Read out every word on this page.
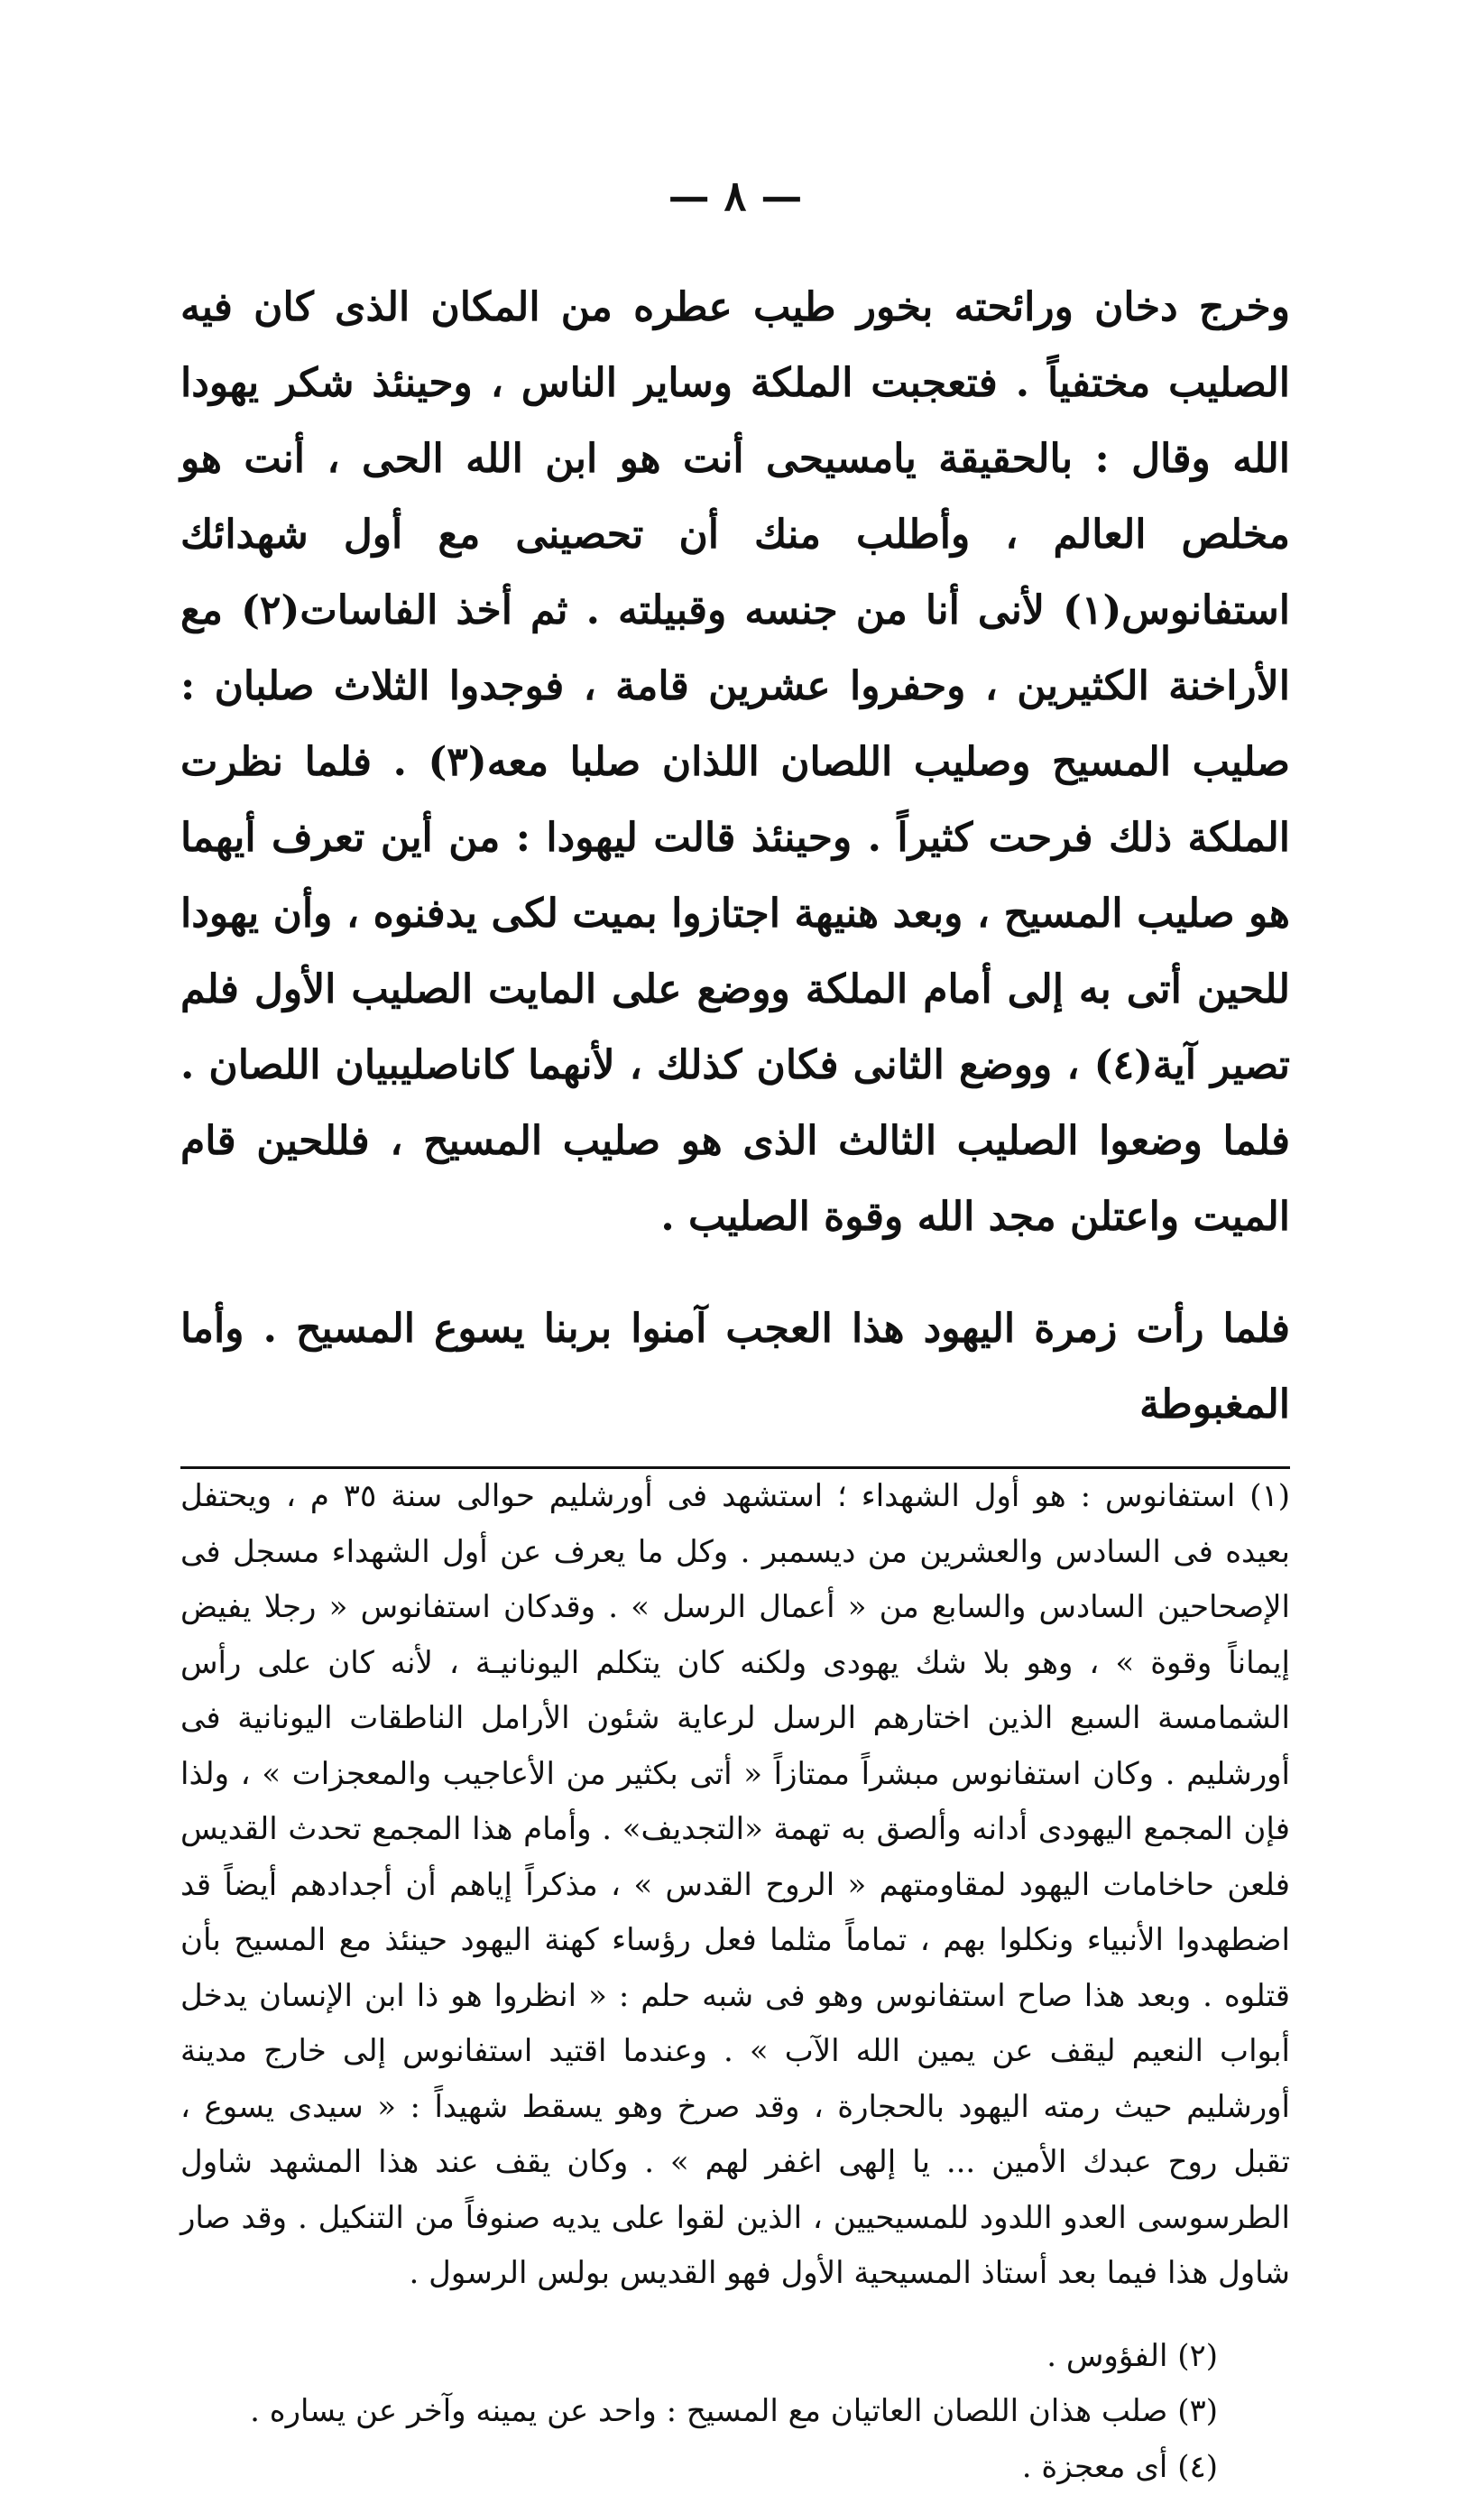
— ٨ —

وخرج دخان ورائحته بخور طيب عطره من المكان الذى كان فيه الصليب مختفياً . فتعجبت الملكة وساير الناس ، وحينئذ شكر يهودا الله وقال : بالحقيقة يامسيحى أنت هو ابن الله الحى ، أنت هو مخلص العالم ، وأطلب منك أن تحصينى مع أول شهدائك استفانوس(١) لأنى أنا من جنسه وقبيلته . ثم أخذ الفاسات(٢) مع الأراخنة الكثيرين ، وحفروا عشرين قامة ، فوجدوا الثلاث صلبان : صليب المسيح وصليب اللصان اللذان صلبا معه(٣) . فلما نظرت الملكة ذلك فرحت كثيراً . وحينئذ قالت ليهودا : من أين تعرف أيهما هو صليب المسيح ، وبعد هنيهة اجتازوا بميت لكى يدفنوه ، وأن يهودا للحين أتى به إلى أمام الملكة ووضع على المايت الصليب الأول فلم تصير آية(٤) ، ووضع الثانى فكان كذلك ، لأنهما كاناصليبيان اللصان . فلما وضعوا الصليب الثالث الذى هو صليب المسيح ، فللحين قام الميت واعتلن مجد الله وقوة الصليب .

فلما رأت زمرة اليهود هذا العجب آمنوا بربنا يسوع المسيح . وأما المغبوطة

(١) استفانوس : هو أول الشهداء ؛ استشهد فى أورشليم حوالى سنة ٣٥ م ، ويحتفل بعيده فى السادس والعشرين من ديسمبر . وكل ما يعرف عن أول الشهداء مسجل فى الإصحاحين السادس والسابع من « أعمال الرسل » . وقدكان استفانوس « رجلا يفيض إيماناً وقوة » ، وهو بلا شك يهودى ولكنه كان يتكلم اليونانيـة ، لأنه كان على رأس الشمامسة السبع الذين اختارهم الرسل لرعاية شئون الأرامل الناطقات اليونانية فى أورشليم . وكان استفانوس مبشراً ممتازاً « أتى بكثير من الأعاجيب والمعجزات » ، ولذا فإن المجمع اليهودى أدانه وألصق به تهمة «التجديف» . وأمام هذا المجمع تحدث القديس فلعن حاخامات اليهود لمقاومتهم « الروح القدس » ، مذكراً إياهم أن أجدادهم أيضاً قد اضطهدوا الأنبياء ونكلوا بهم ، تماماً مثلما فعل رؤساء كهنة اليهود حينئذ مع المسيح بأن قتلوه . وبعد هذا صاح استفانوس وهو فى شبه حلم : « انظروا هو ذا ابن الإنسان يدخل أبواب النعيم ليقف عن يمين الله الآب » . وعندما اقتيد استفانوس إلى خارج مدينة أورشليم حيث رمته اليهود بالحجارة ، وقد صرخ وهو يسقط شهيداً : « سيدى يسوع ، تقبل روح عبدك الأمين ... يا إلهى اغفر لهم » . وكان يقف عند هذا المشهد شاول الطرسوسى العدو اللدود للمسيحيين ، الذين لقوا على يديه صنوفاً من التنكيل . وقد صار شاول هذا فيما بعد أستاذ المسيحية الأول فهو القديس بولس الرسول .

(٢) الفؤوس .

(٣) صلب هذان اللصان العاتيان مع المسيح : واحد عن يمينه وآخر عن يساره .

(٤) أى معجزة .
